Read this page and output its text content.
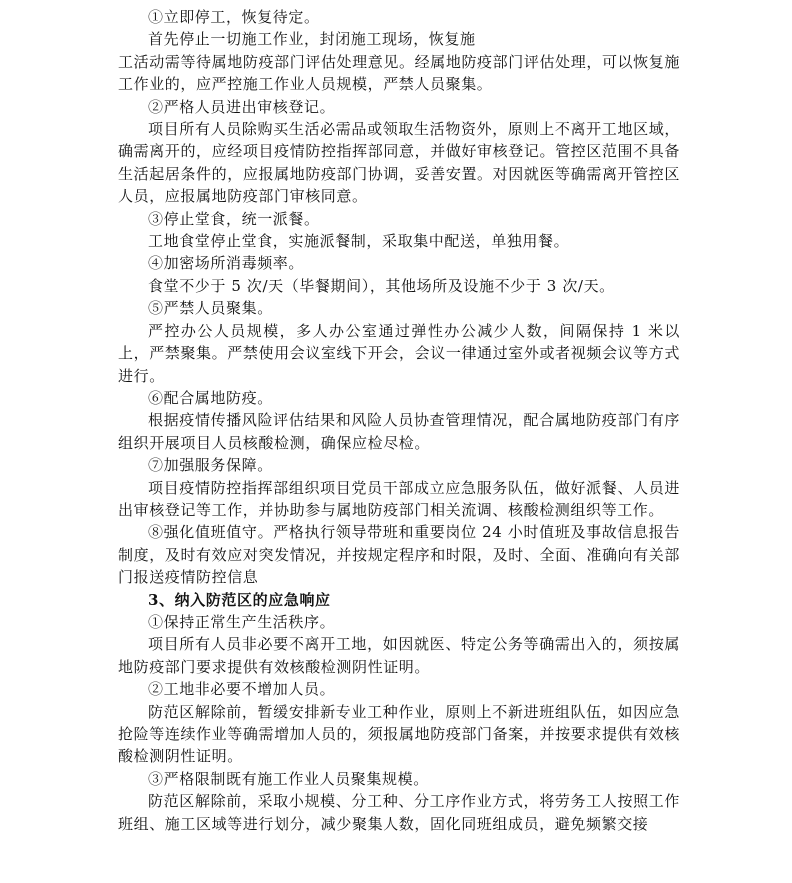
①立即停工，恢复待定。

首先停止一切施工作业，封闭施工现场，恢复施

工活动需等待属地防疫部门评估处理意见。经属地防疫部门评估处理，可以恢复施工作业的，应严控施工作业人员规模，严禁人员聚集。

②严格人员进出审核登记。

项目所有人员除购买生活必需品或领取生活物资外，原则上不离开工地区域，确需离开的，应经项目疫情防控指挥部同意，并做好审核登记。管控区范围不具备生活起居条件的，应报属地防疫部门协调，妥善安置。对因就医等确需离开管控区人员，应报属地防疫部门审核同意。

③停止堂食，统一派餐。

工地食堂停止堂食，实施派餐制，采取集中配送，单独用餐。

④加密场所消毒频率。

食堂不少于 5 次/天（毕餐期间），其他场所及设施不少于 3 次/天。

⑤严禁人员聚集。

严控办公人员规模，多人办公室通过弹性办公减少人数，间隔保持 1 米以上，严禁聚集。严禁使用会议室线下开会，会议一律通过室外或者视频会议等方式进行。

⑥配合属地防疫。

根据疫情传播风险评估结果和风险人员协查管理情况，配合属地防疫部门有序组织开展项目人员核酸检测，确保应检尽检。

⑦加强服务保障。

项目疫情防控指挥部组织项目党员干部成立应急服务队伍，做好派餐、人员进出审核登记等工作，并协助参与属地防疫部门相关流调、核酸检测组织等工作。

⑧强化值班值守。严格执行领导带班和重要岗位 24 小时值班及事故信息报告制度，及时有效应对突发情况，并按规定程序和时限，及时、全面、准确向有关部门报送疫情防控信息

3、纳入防范区的应急响应

①保持正常生产生活秩序。

项目所有人员非必要不离开工地，如因就医、特定公务等确需出入的，须按属地防疫部门要求提供有效核酸检测阴性证明。

②工地非必要不增加人员。

防范区解除前，暂缓安排新专业工种作业，原则上不新进班组队伍，如因应急抢险等连续作业等确需增加人员的，须报属地防疫部门备案，并按要求提供有效核酸检测阴性证明。

③严格限制既有施工作业人员聚集规模。

防范区解除前，采取小规模、分工种、分工序作业方式，将劳务工人按照工作班组、施工区域等进行划分，减少聚集人数，固化同班组成员，避免频繁交接
